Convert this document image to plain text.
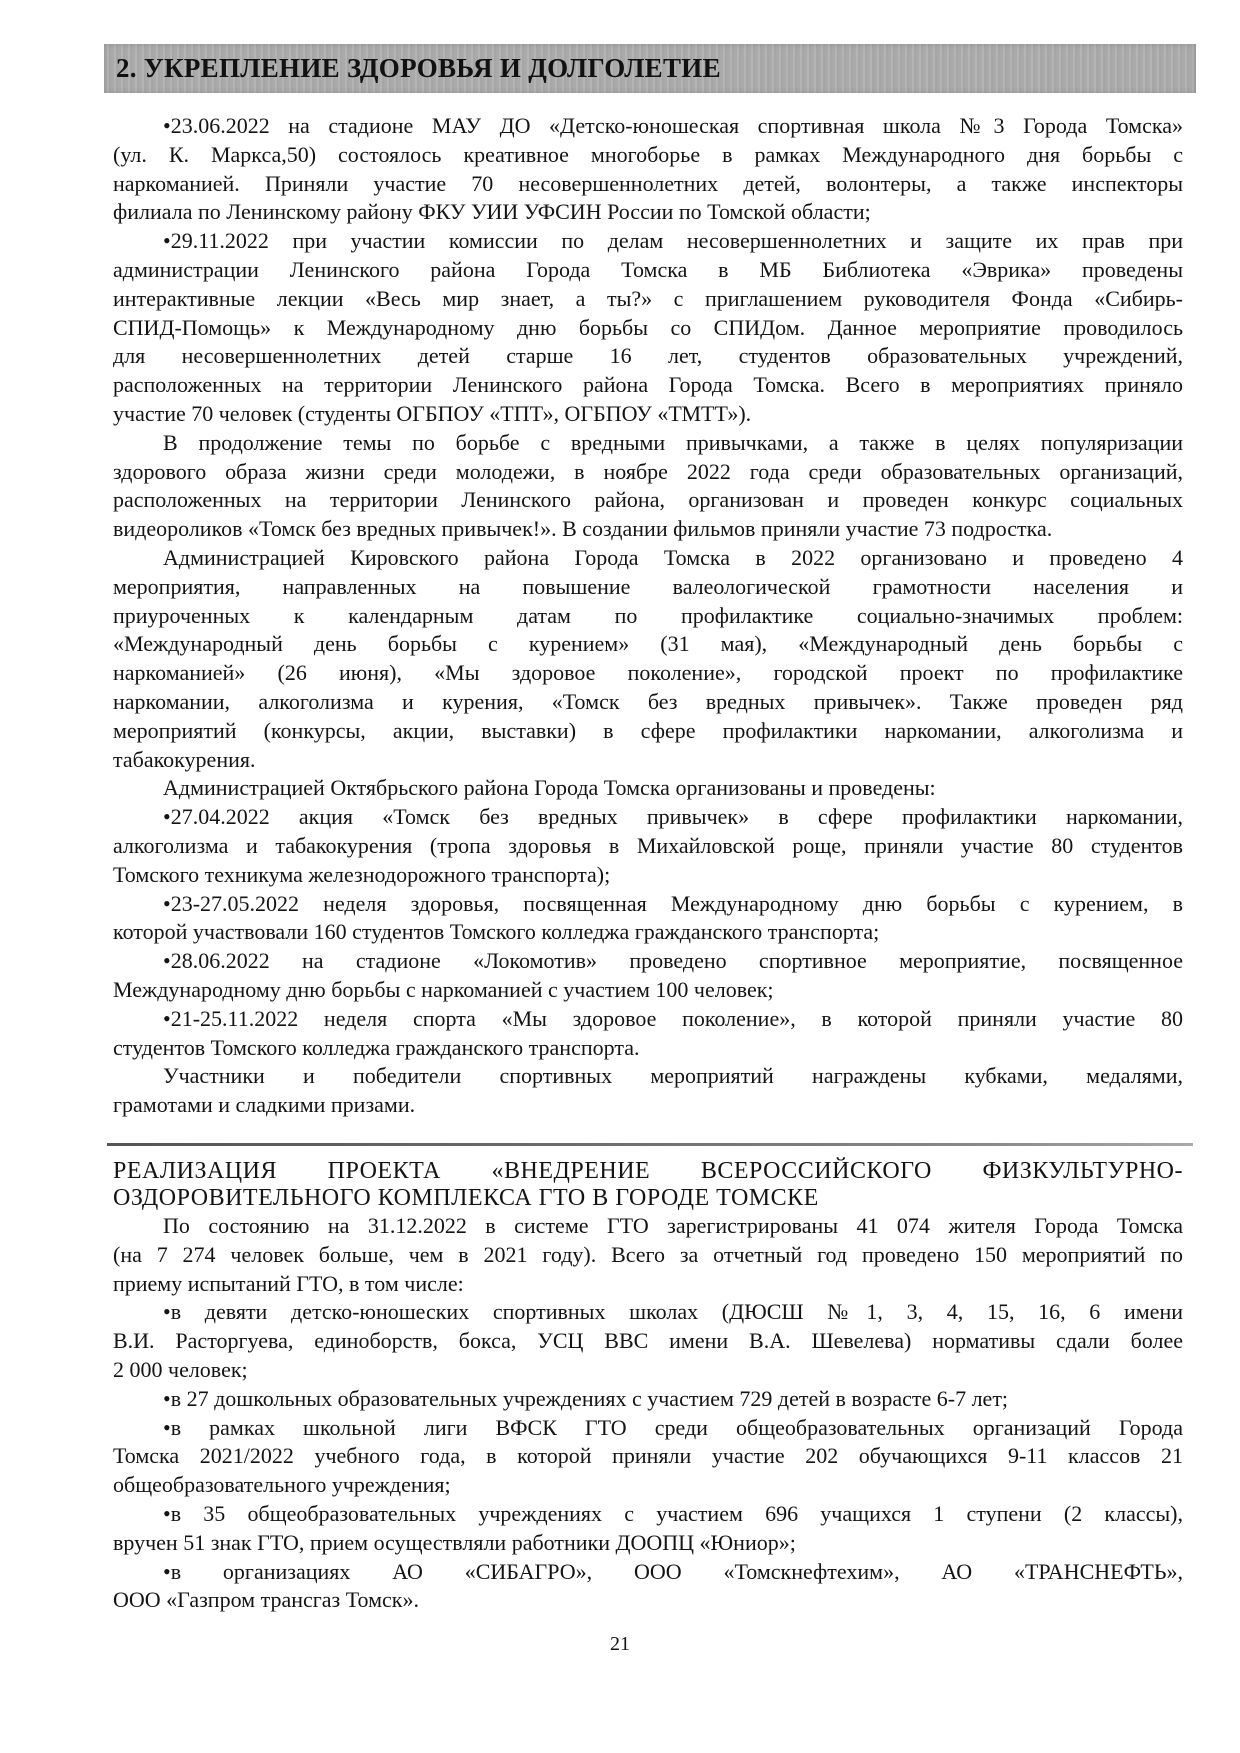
2. УКРЕПЛЕНИЕ ЗДОРОВЬЯ И ДОЛГОЛЕТИЕ
•23.06.2022 на стадионе МАУ ДО «Детско-юношеская спортивная школа №3 Города Томска»
(ул. К. Маркса,50) состоялось креативное многоборье в рамках Международного дня борьбы с
наркоманией. Приняли участие 70 несовершеннолетних детей, волонтеры, а также инспекторы
филиала по Ленинскому району ФКУ УИИ УФСИН России по Томской области;
•29.11.2022 при участии комиссии по делам несовершеннолетних и защите их прав при
администрации Ленинского района Города Томска в МБ Библиотека «Эврика» проведены
интерактивные лекции «Весь мир знает, а ты?» с приглашением руководителя Фонда «Сибирь-
СПИД-Помощь» к Международному дню борьбы со СПИДом. Данное мероприятие проводилось
для несовершеннолетних детей старше 16 лет, студентов образовательных учреждений,
расположенных на территории Ленинского района Города Томска. Всего в мероприятиях приняло
участие 70 человек (студенты ОГБПОУ «ТПТ», ОГБПОУ «ТМТТ»).
В продолжение темы по борьбе с вредными привычками, а также в целях популяризации
здорового образа жизни среди молодежи, в ноябре 2022 года среди образовательных организаций,
расположенных на территории Ленинского района, организован и проведен конкурс социальных
видеороликов «Томск без вредных привычек!». В создании фильмов приняли участие 73 подростка.
Администрацией Кировского района Города Томска в 2022 организовано и проведено 4
мероприятия, направленных на повышение валеологической грамотности населения и
приуроченных к календарным датам по профилактике социально-значимых проблем:
«Международный день борьбы с курением» (31 мая), «Международный день борьбы с
наркоманией» (26 июня), «Мы здоровое поколение», городской проект по профилактике
наркомании, алкоголизма и курения, «Томск без вредных привычек». Также проведен ряд
мероприятий (конкурсы, акции, выставки) в сфере профилактики наркомании, алкоголизма и
табакокурения.
Администрацией Октябрьского района Города Томска организованы и проведены:
•27.04.2022 акция «Томск без вредных привычек» в сфере профилактики наркомании,
алкоголизма и табакокурения (тропа здоровья в Михайловской роще, приняли участие 80 студентов
Томского техникума железнодорожного транспорта);
•23-27.05.2022 неделя здоровья, посвященная Международному дню борьбы с курением, в
которой участвовали 160 студентов Томского колледжа гражданского транспорта;
•28.06.2022 на стадионе «Локомотив» проведено спортивное мероприятие, посвященное
Международному дню борьбы с наркоманией с участием 100 человек;
•21-25.11.2022 неделя спорта «Мы здоровое поколение», в которой приняли участие 80
студентов Томского колледжа гражданского транспорта.
Участники и победители спортивных мероприятий награждены кубками, медалями,
грамотами и сладкими призами.
РЕАЛИЗАЦИЯ ПРОЕКТА «ВНЕДРЕНИЕ ВСЕРОССИЙСКОГО ФИЗКУЛЬТУРНО-
ОЗДОРОВИТЕЛЬНОГО КОМПЛЕКСА ГТО В ГОРОДЕ ТОМСКЕ
По состоянию на 31.12.2022 в системе ГТО зарегистрированы 41 074 жителя Города Томска
(на 7 274 человек больше, чем в 2021 году). Всего за отчетный год проведено 150 мероприятий по
приему испытаний ГТО, в том числе:
•в девяти детско-юношеских спортивных школах (ДЮСШ №1, 3, 4, 15, 16, 6 имени
В.И. Расторгуева, единоборств, бокса, УСЦ ВВС имени В.А. Шевелева) нормативы сдали более
2 000 человек;
•в 27 дошкольных образовательных учреждениях с участием 729 детей в возрасте 6-7 лет;
•в рамках школьной лиги ВФСК ГТО среди общеобразовательных организаций Города
Томска 2021/2022 учебного года, в которой приняли участие 202 обучающихся 9-11 классов 21
общеобразовательного учреждения;
•в 35 общеобразовательных учреждениях с участием 696 учащихся 1 ступени (2 классы),
вручен 51 знак ГТО, прием осуществляли работники ДООПЦ «Юниор»;
•в организациях АО «СИБАГРО», ООО «Томскнефтехим», АО «ТРАНСНЕФТЬ»,
ООО «Газпром трансгаз Томск».
21
